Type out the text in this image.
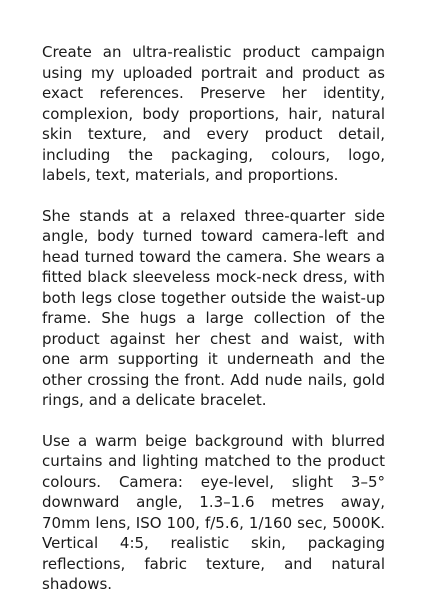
Create an ultra-realistic product campaign using my uploaded portrait and product as exact references. Preserve her identity, complexion, body proportions, hair, natural skin texture, and every product detail, including the packaging, colours, logo, labels, text, materials, and proportions.

She stands at a relaxed three-quarter side angle, body turned toward camera-left and head turned toward the camera. She wears a fitted black sleeveless mock-neck dress, with both legs close together outside the waist-up frame. She hugs a large collection of the product against her chest and waist, with one arm supporting it underneath and the other crossing the front. Add nude nails, gold rings, and a delicate bracelet.

Use a warm beige background with blurred curtains and lighting matched to the product colours. Camera: eye-level, slight 3–5° downward angle, 1.3–1.6 metres away, 70mm lens, ISO 100, f/5.6, 1/160 sec, 5000K. Vertical 4:5, realistic skin, packaging reflections, fabric texture, and natural shadows.
